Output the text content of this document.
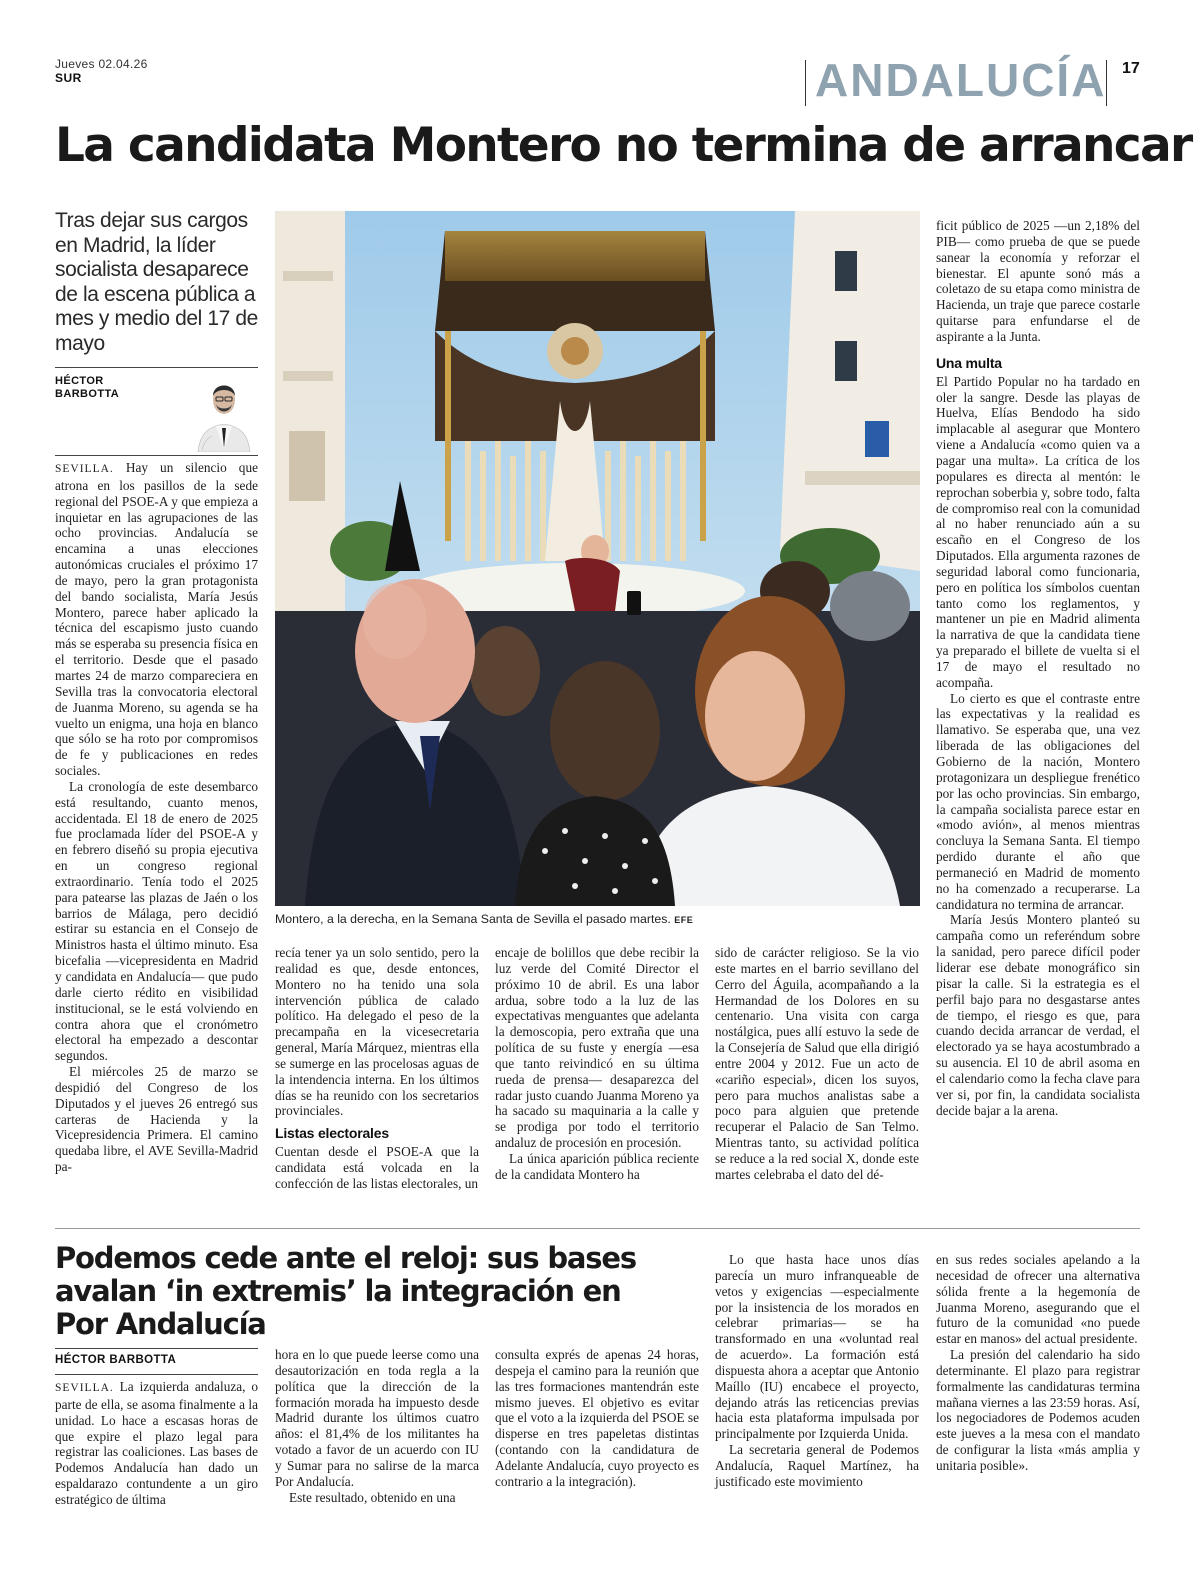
Jueves 02.04.26
SUR	ANDALUCÍA 17
La candidata Montero no termina de arrancar
Tras dejar sus cargos en Madrid, la líder socialista desaparece de la escena pública a mes y medio del 17 de mayo
HÉCTOR
BARBOTTA

SEVILLA. Hay un silencio que atrona en los pasillos de la sede regional del PSOE-A y que empieza a inquietar en las agrupaciones de las ocho provincias. Andalucía se encamina a unas elecciones autonómicas cruciales el próximo 17 de mayo, pero la gran protagonista del bando socialista, María Jesús Montero, parece haber aplicado la técnica del escapismo justo cuando más se esperaba su presencia física en el territorio. Desde que el pasado martes 24 de marzo compareciera en Sevilla tras la convocatoria electoral de Juanma Moreno, su agenda se ha vuelto un enigma, una hoja en blanco que sólo se ha roto por compromisos de fe y publicaciones en redes sociales.

La cronología de este desembarco está resultando, cuanto menos, accidentada. El 18 de enero de 2025 fue proclamada líder del PSOE-A y en febrero diseñó su propia ejecutiva en un congreso regional extraordinario. Tenía todo el 2025 para patearse las plazas de Jaén o los barrios de Málaga, pero decidió estirar su estancia en el Consejo de Ministros hasta el último minuto. Esa bicefalia —vicepresidenta en Madrid y candidata en Andalucía— que pudo darle cierto rédito en visibilidad institucional, se le está volviendo en contra ahora que el cronómetro electoral ha empezado a descontar segundos.

El miércoles 25 de marzo se despidió del Congreso de los Diputados y el jueves 26 entregó sus carteras de Hacienda y la Vicepresidencia Primera. El camino quedaba libre, el AVE Sevilla-Madrid pa-

Montero, a la derecha, en la Semana Santa de Sevilla el pasado martes. EFE

recía tener ya un solo sentido, pero la realidad es que, desde entonces, Montero no ha tenido una sola intervención pública de calado político. Ha delegado el peso de la precampaña en la vicesecretaria general, María Márquez, mientras ella se sumerge en las procelosas aguas de la intendencia interna. En los últimos días se ha reunido con los secretarios provinciales.

Listas electorales

Cuentan desde el PSOE-A que la candidata está volcada en la confección de las listas electorales, un

encaje de bolillos que debe recibir la luz verde del Comité Director el próximo 10 de abril. Es una labor ardua, sobre todo a la luz de las expectativas menguantes que adelanta la demoscopia, pero extraña que una política de su fuste y energía —esa que tanto reivindicó en su última rueda de prensa— desaparezca del radar justo cuando Juanma Moreno ya ha sacado su maquinaria a la calle y se prodiga por todo el territorio andaluz de procesión en procesión.

La única aparición pública reciente de la candidata Montero ha

sido de carácter religioso. Se la vio este martes en el barrio sevillano del Cerro del Águila, acompañando a la Hermandad de los Dolores en su centenario. Una visita con carga nostálgica, pues allí estuvo la sede de la Consejería de Salud que ella dirigió entre 2004 y 2012. Fue un acto de «cariño especial», dicen los suyos, pero para muchos analistas sabe a poco para alguien que pretende recuperar el Palacio de San Telmo. Mientras tanto, su actividad política se reduce a la red social X, donde este martes celebraba el dato del dé-

ficit público de 2025 —un 2,18% del PIB— como prueba de que se puede sanear la economía y reforzar el bienestar. El apunte sonó más a coletazo de su etapa como ministra de Hacienda, un traje que parece costarle quitarse para enfundarse el de aspirante a la Junta.

Una multa

El Partido Popular no ha tardado en oler la sangre. Desde las playas de Huelva, Elías Bendodo ha sido implacable al asegurar que Montero viene a Andalucía «como quien va a pagar una multa». La crítica de los populares es directa al mentón: le reprochan soberbia y, sobre todo, falta de compromiso real con la comunidad al no haber renunciado aún a su escaño en el Congreso de los Diputados. Ella argumenta razones de seguridad laboral como funcionaria, pero en política los símbolos cuentan tanto como los reglamentos, y mantener un pie en Madrid alimenta la narrativa de que la candidata tiene ya preparado el billete de vuelta si el 17 de mayo el resultado no acompaña.

Lo cierto es que el contraste entre las expectativas y la realidad es llamativo. Se esperaba que, una vez liberada de las obligaciones del Gobierno de la nación, Montero protagonizara un despliegue frenético por las ocho provincias. Sin embargo, la campaña socialista parece estar en «modo avión», al menos mientras concluya la Semana Santa. El tiempo perdido durante el año que permaneció en Madrid de momento no ha comenzado a recuperarse. La candidatura no termina de arrancar.

María Jesús Montero planteó su campaña como un referéndum sobre la sanidad, pero parece difícil poder liderar ese debate monográfico sin pisar la calle. Si la estrategia es el perfil bajo para no desgastarse antes de tiempo, el riesgo es que, para cuando decida arrancar de verdad, el electorado ya se haya acostumbrado a su ausencia. El 10 de abril asoma en el calendario como la fecha clave para ver si, por fin, la candidata socialista decide bajar a la arena.

Podemos cede ante el reloj: sus bases avalan ‘in extremis’ la integración en Por Andalucía
HÉCTOR BARBOTTA

SEVILLA. La izquierda andaluza, o parte de ella, se asoma finalmente a la unidad. Lo hace a escasas horas de que expire el plazo legal para registrar las coaliciones. Las bases de Podemos Andalucía han dado un espaldarazo contundente a un giro estratégico de última

hora en lo que puede leerse como una desautorización en toda regla a la política que la dirección de la formación morada ha impuesto desde Madrid durante los últimos cuatro años: el 81,4% de los militantes ha votado a favor de un acuerdo con IU y Sumar para no salirse de la marca Por Andalucía.

Este resultado, obtenido en una

consulta exprés de apenas 24 horas, despeja el camino para la reunión que las tres formaciones mantendrán este mismo jueves. El objetivo es evitar que el voto a la izquierda del PSOE se disperse en tres papeletas distintas (contando con la candidatura de Adelante Andalucía, cuyo proyecto es contrario a la integración).

Lo que hasta hace unos días parecía un muro infranqueable de vetos y exigencias —especialmente por la insistencia de los morados en celebrar primarias— se ha transformado en una «voluntad real de acuerdo». La formación está dispuesta ahora a aceptar que Antonio Maíllo (IU) encabece el proyecto, dejando atrás las reticencias previas hacia esta plataforma impulsada por principalmente por Izquierda Unida.

La secretaria general de Podemos Andalucía, Raquel Martínez, ha justificado este movimiento

en sus redes sociales apelando a la necesidad de ofrecer una alternativa sólida frente a la hegemonía de Juanma Moreno, asegurando que el futuro de la comunidad «no puede estar en manos» del actual presidente.

La presión del calendario ha sido determinante. El plazo para registrar formalmente las candidaturas termina mañana viernes a las 23:59 horas. Así, los negociadores de Podemos acuden este jueves a la mesa con el mandato de configurar la lista «más amplia y unitaria posible».
